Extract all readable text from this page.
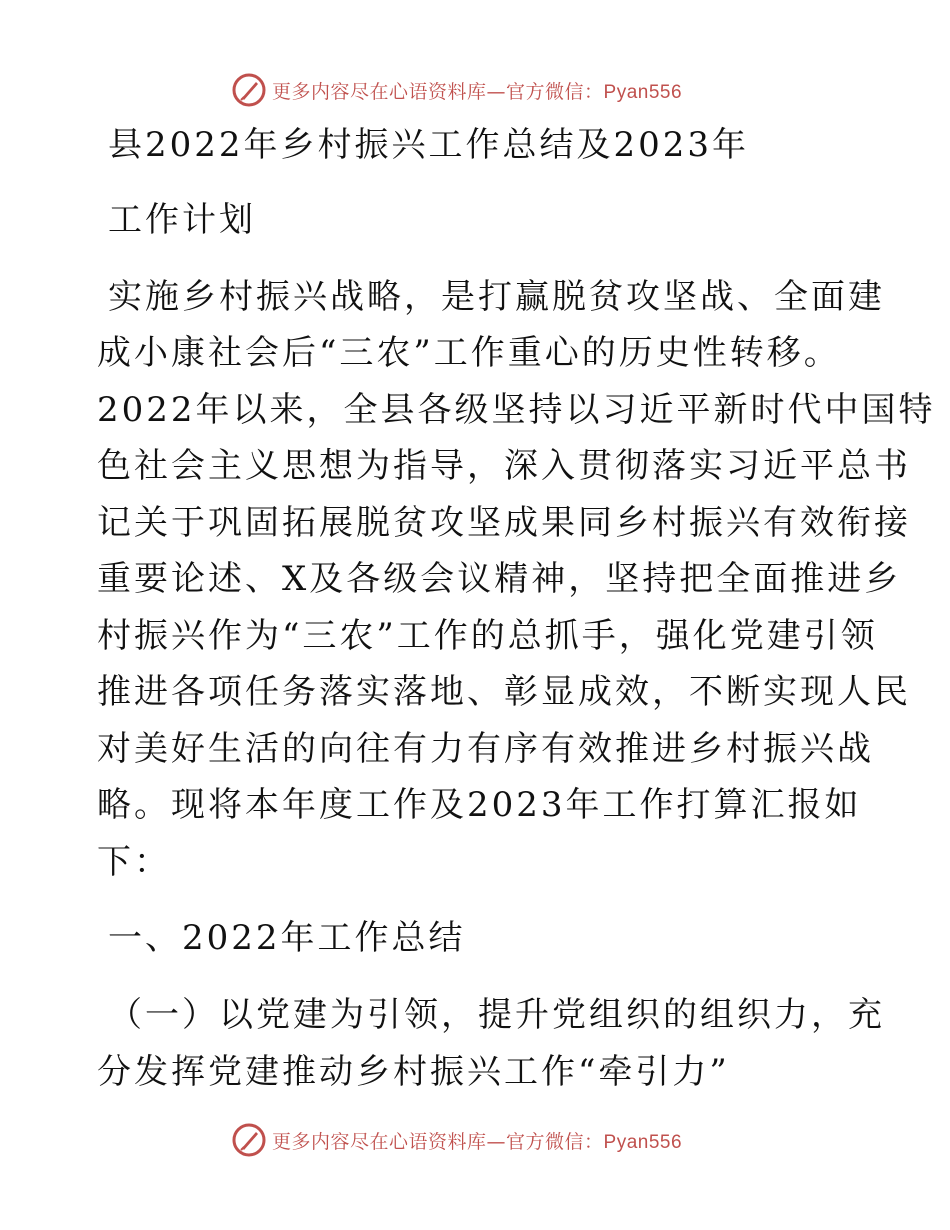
更多内容尽在心语资料库—官方微信：Pyan556
县2022年乡村振兴工作总结及2023年
工作计划
实施乡村振兴战略，是打赢脱贫攻坚战、全面建
成小康社会后“三农”工作重心的历史性转移。
2022年以来，全县各级坚持以习近平新时代中国特
色社会主义思想为指导，深入贯彻落实习近平总书
记关于巩固拓展脱贫攻坚成果同乡村振兴有效衔接
重要论述、X及各级会议精神，坚持把全面推进乡
村振兴作为“三农”工作的总抓手，强化党建引领
推进各项任务落实落地、彰显成效，不断实现人民
对美好生活的向往有力有序有效推进乡村振兴战
略。现将本年度工作及2023年工作打算汇报如
下：
一、2022年工作总结
（一）以党建为引领，提升党组织的组织力，充
分发挥党建推动乡村振兴工作“牵引力”
更多内容尽在心语资料库—官方微信：Pyan556
